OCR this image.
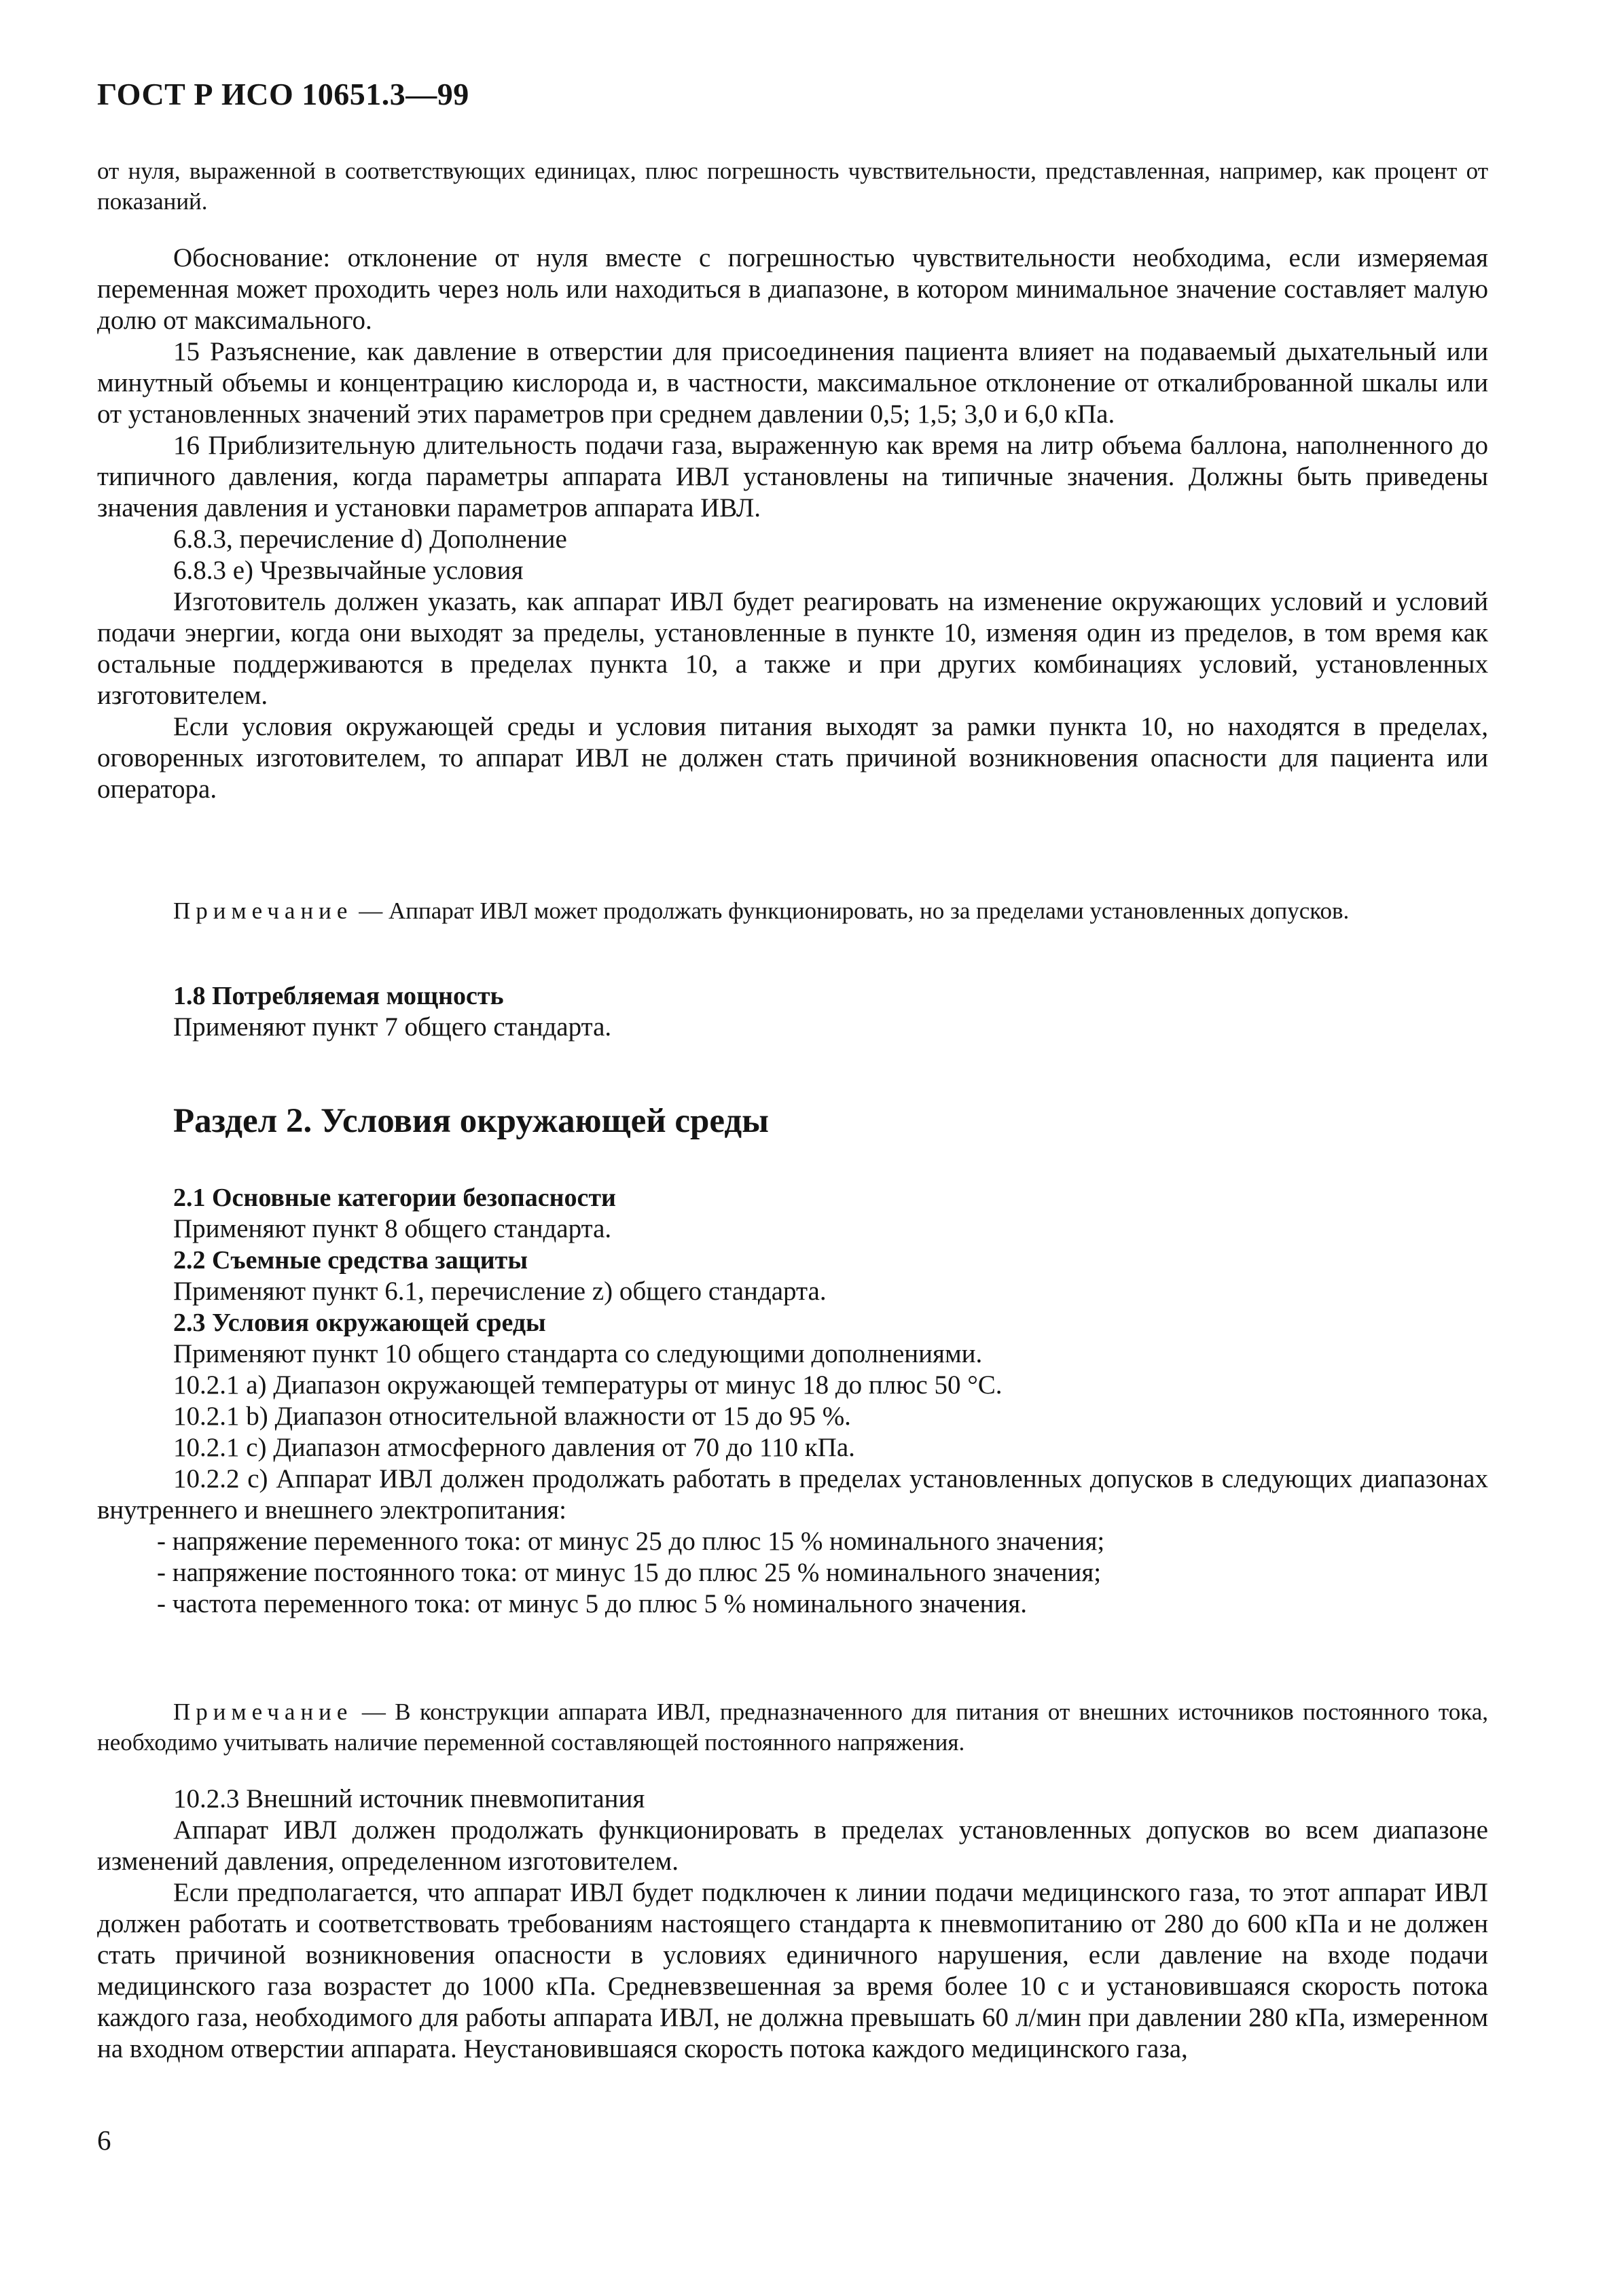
ГОСТ Р ИСО 10651.3—99

от нуля, выраженной в соответствующих единицах, плюс погрешность чувствительности, представленная, например, как процент от показаний.

Обоснование: отклонение от нуля вместе с погрешностью чувствительности необходима, если измеряемая переменная может проходить через ноль или находиться в диапазоне, в котором минимальное значение составляет малую долю от максимального.

15 Разъяснение, как давление в отверстии для присоединения пациента влияет на подаваемый дыхательный или минутный объемы и концентрацию кислорода и, в частности, максимальное отклонение от откалиброванной шкалы или от установленных значений этих параметров при среднем давлении 0,5; 1,5; 3,0 и 6,0 кПа.

16 Приблизительную длительность подачи газа, выраженную как время на литр объема баллона, наполненного до типичного давления, когда параметры аппарата ИВЛ установлены на типичные значения. Должны быть приведены значения давления и установки параметров аппарата ИВЛ.

6.8.3, перечисление d) Дополнение

6.8.3 e) Чрезвычайные условия

Изготовитель должен указать, как аппарат ИВЛ будет реагировать на изменение окружающих условий и условий подачи энергии, когда они выходят за пределы, установленные в пункте 10, изменяя один из пределов, в том время как остальные поддерживаются в пределах пункта 10, а также и при других комбинациях условий, установленных изготовителем.

Если условия окружающей среды и условия питания выходят за рамки пункта 10, но находятся в пределах, оговоренных изготовителем, то аппарат ИВЛ не должен стать причиной возникновения опасности для пациента или оператора.

Примечание — Аппарат ИВЛ может продолжать функционировать, но за пределами установленных допусков.

1.8 Потребляемая мощность

Применяют пункт 7 общего стандарта.

Раздел 2. Условия окружающей среды

2.1 Основные категории безопасности

Применяют пункт 8 общего стандарта.

2.2 Съемные средства защиты

Применяют пункт 6.1, перечисление z) общего стандарта.

2.3 Условия окружающей среды

Применяют пункт 10 общего стандарта со следующими дополнениями.

10.2.1 a) Диапазон окружающей температуры от минус 18 до плюс 50 °С.

10.2.1 b) Диапазон относительной влажности от 15 до 95 %.

10.2.1 c) Диапазон атмосферного давления от 70 до 110 кПа.

10.2.2 c) Аппарат ИВЛ должен продолжать работать в пределах установленных допусков в следующих диапазонах внутреннего и внешнего электропитания:

- напряжение переменного тока: от минус 25 до плюс 15 % номинального значения;

- напряжение постоянного тока: от минус 15 до плюс 25 % номинального значения;

- частота переменного тока: от минус 5 до плюс 5 % номинального значения.

Примечание — В конструкции аппарата ИВЛ, предназначенного для питания от внешних источников постоянного тока, необходимо учитывать наличие переменной составляющей постоянного напряжения.

10.2.3 Внешний источник пневмопитания

Аппарат ИВЛ должен продолжать функционировать в пределах установленных допусков во всем диапазоне изменений давления, определенном изготовителем.

Если предполагается, что аппарат ИВЛ будет подключен к линии подачи медицинского газа, то этот аппарат ИВЛ должен работать и соответствовать требованиям настоящего стандарта к пневмопитанию от 280 до 600 кПа и не должен стать причиной возникновения опасности в условиях единичного нарушения, если давление на входе подачи медицинского газа возрастет до 1000 кПа. Средневзвешенная за время более 10 с и установившаяся скорость потока каждого газа, необходимого для работы аппарата ИВЛ, не должна превышать 60 л/мин при давлении 280 кПа, измеренном на входном отверстии аппарата. Неустановившаяся скорость потока каждого медицинского газа,

6
